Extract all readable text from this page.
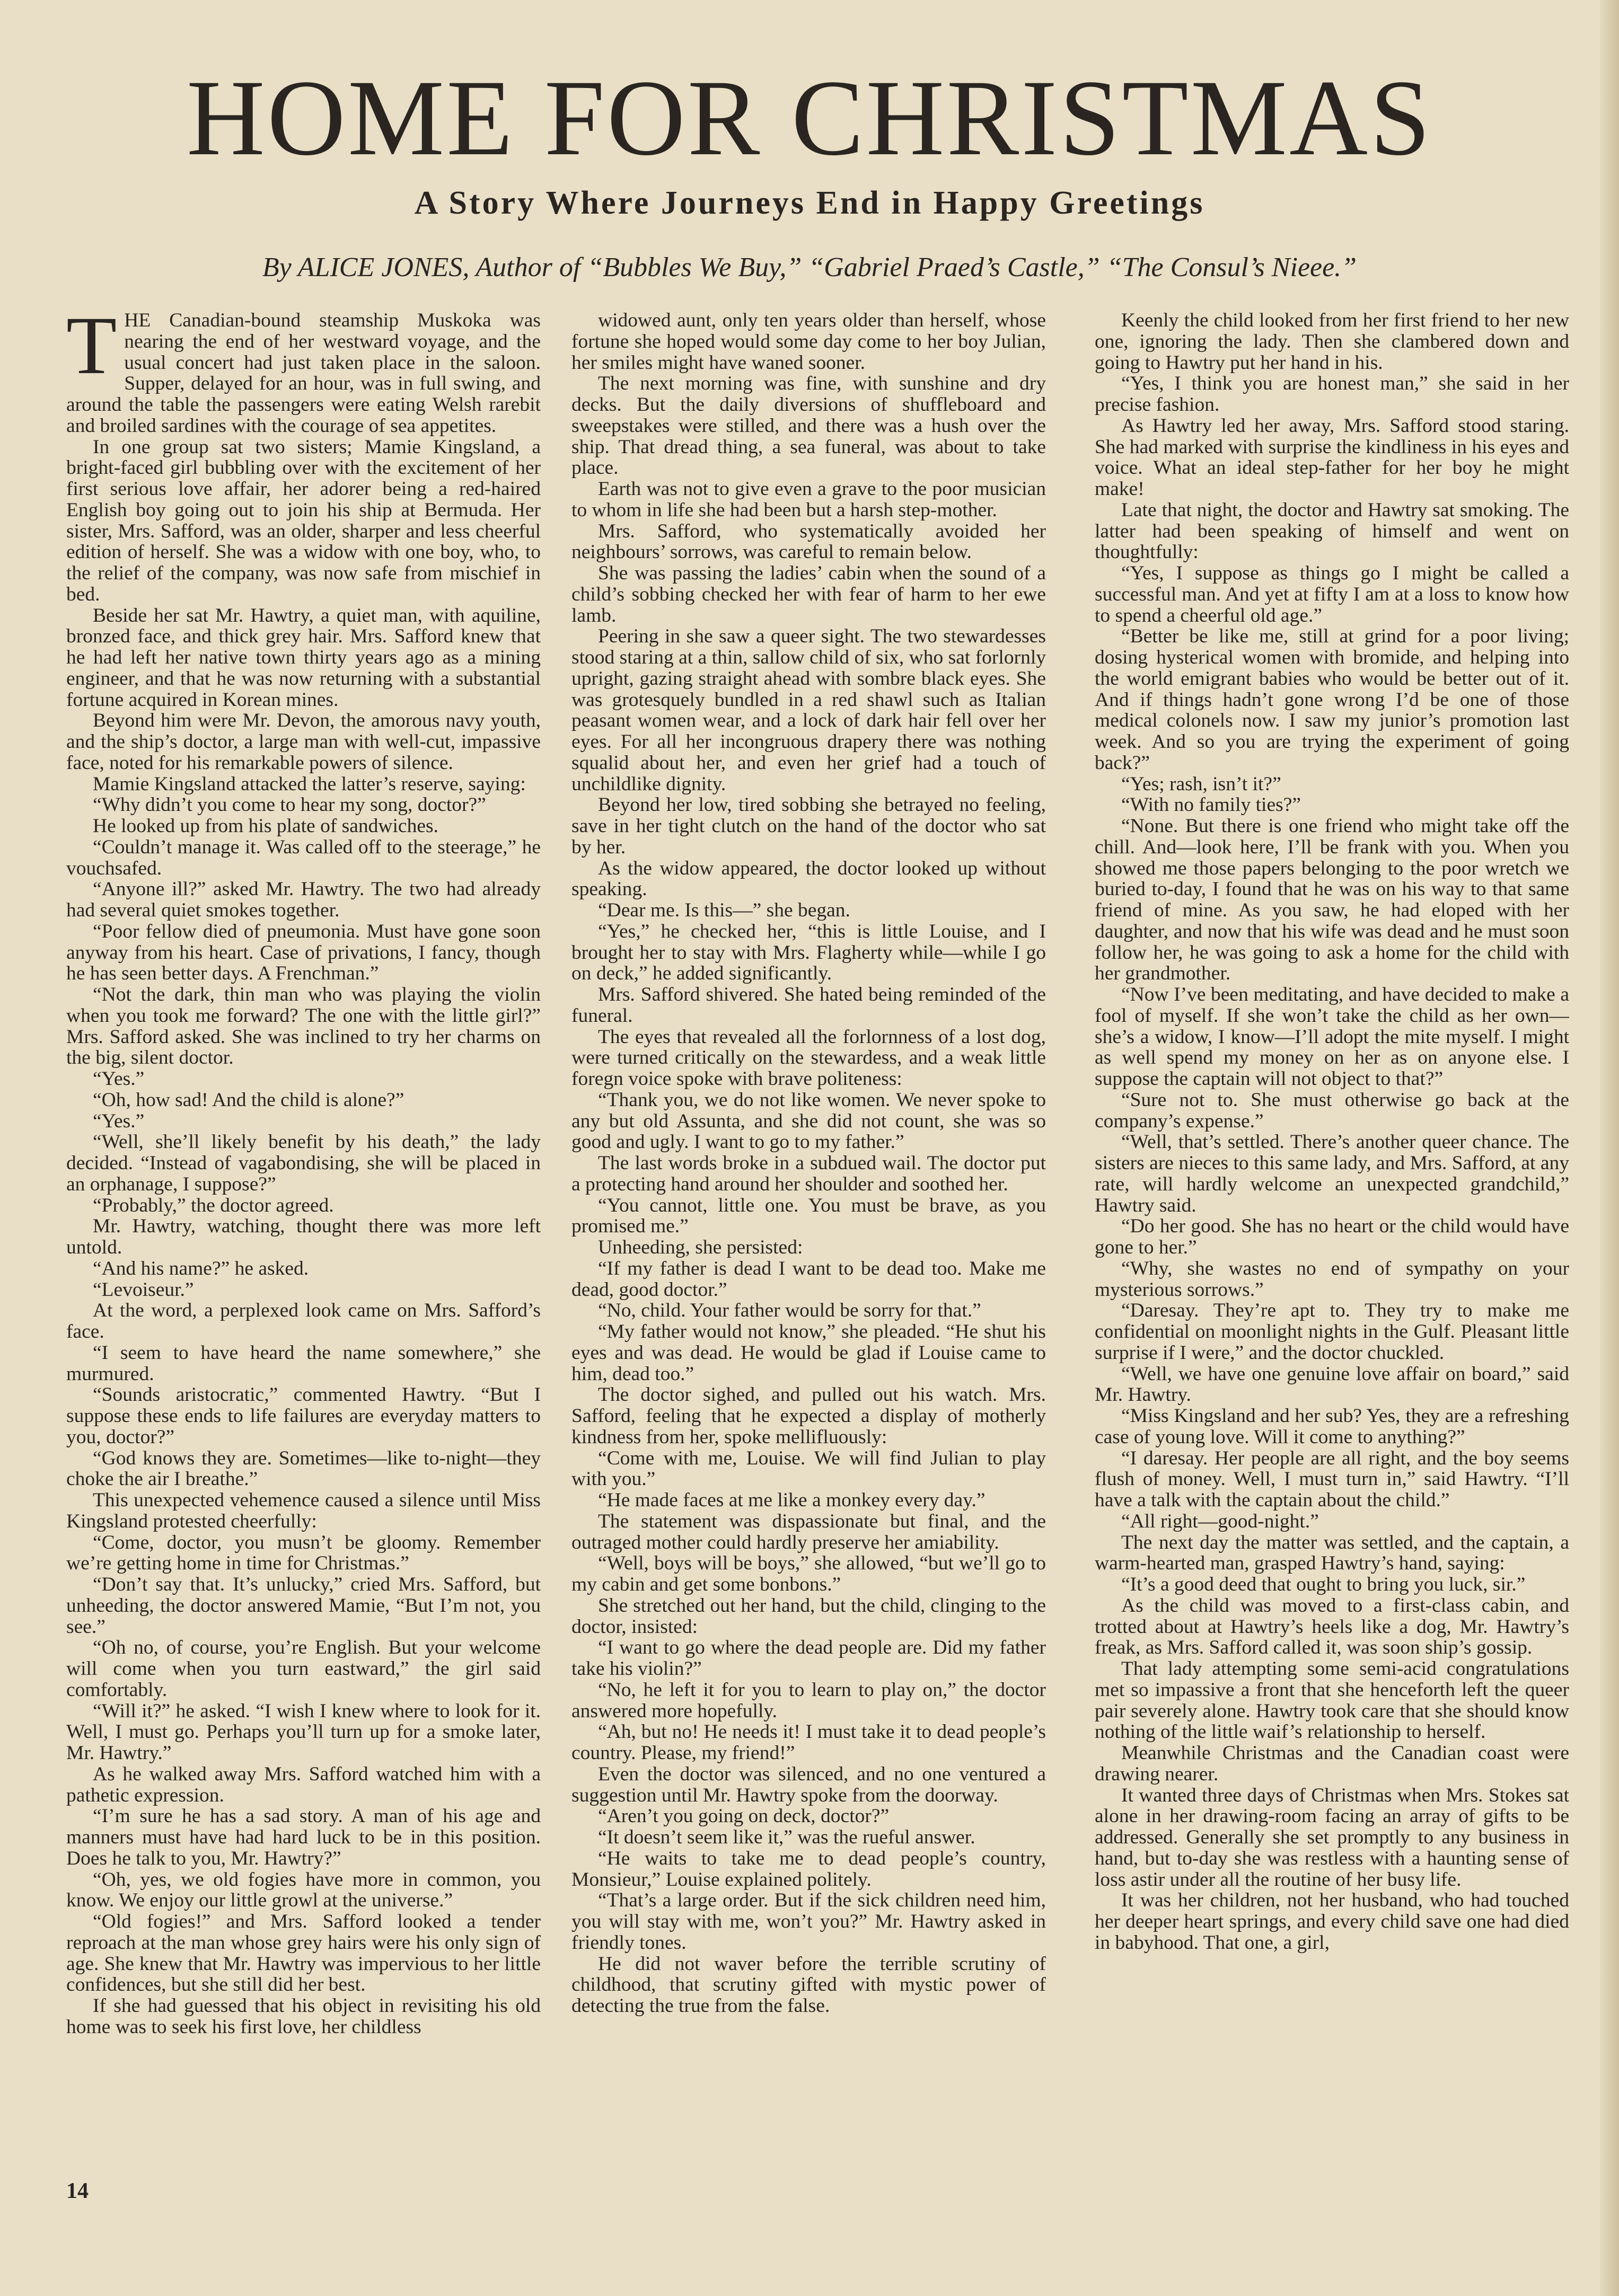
HOME FOR CHRISTMAS
A Story Where Journeys End in Happy Greetings

By ALICE JONES, Author of “Bubbles We Buy,” “Gabriel Praed’s Castle,” “The Consul’s Nieee.”

THE Canadian-bound steamship Muskoka was nearing the end of her westward voyage, and the usual concert had just taken place in the saloon. Supper, delayed for an hour, was in full swing, and around the table the passengers were eating Welsh rarebit and broiled sardines with the courage of sea appetites.

In one group sat two sisters; Mamie Kingsland, a bright-faced girl bubbling over with the excitement of her first serious love affair, her adorer being a red-haired English boy going out to join his ship at Bermuda. Her sister, Mrs. Safford, was an older, sharper and less cheerful edition of herself. She was a widow with one boy, who, to the relief of the company, was now safe from mischief in bed.

Beside her sat Mr. Hawtry, a quiet man, with aquiline, bronzed face, and thick grey hair. Mrs. Safford knew that he had left her native town thirty years ago as a mining engineer, and that he was now returning with a substantial fortune acquired in Korean mines.

Beyond him were Mr. Devon, the amorous navy youth, and the ship’s doctor, a large man with well-cut, impassive face, noted for his remarkable powers of silence.

Mamie Kingsland attacked the latter’s reserve, saying:

“Why didn’t you come to hear my song, doctor?”

He looked up from his plate of sandwiches.

“Couldn’t manage it. Was called off to the steerage,” he vouchsafed.

“Anyone ill?” asked Mr. Hawtry. The two had already had several quiet smokes together.

“Poor fellow died of pneumonia. Must have gone soon anyway from his heart. Case of privations, I fancy, though he has seen better days. A Frenchman.”

“Not the dark, thin man who was playing the violin when you took me forward? The one with the little girl?” Mrs. Safford asked. She was inclined to try her charms on the big, silent doctor.

“Yes.”

“Oh, how sad! And the child is alone?”

“Yes.”

“Well, she’ll likely benefit by his death,” the lady decided. “Instead of vagabondising, she will be placed in an orphanage, I suppose?”

“Probably,” the doctor agreed.

Mr. Hawtry, watching, thought there was more left untold.

“And his name?” he asked.

“Levoiseur.”

At the word, a perplexed look came on Mrs. Safford’s face.

“I seem to have heard the name somewhere,” she murmured.

“Sounds aristocratic,” commented Hawtry. “But I suppose these ends to life failures are everyday matters to you, doctor?”

“God knows they are. Sometimes—like to-night—they choke the air I breathe.”

This unexpected vehemence caused a silence until Miss Kingsland protested cheerfully:

“Come, doctor, you musn’t be gloomy. Remember we’re getting home in time for Christmas.”

“Don’t say that. It’s unlucky,” cried Mrs. Safford, but unheeding, the doctor answered Mamie, “But I’m not, you see.”

“Oh no, of course, you’re English. But your welcome will come when you turn eastward,” the girl said comfortably.

“Will it?” he asked. “I wish I knew where to look for it. Well, I must go. Perhaps you’ll turn up for a smoke later, Mr. Hawtry.”

As he walked away Mrs. Safford watched him with a pathetic expression.

“I’m sure he has a sad story. A man of his age and manners must have had hard luck to be in this position. Does he talk to you, Mr. Hawtry?”

“Oh, yes, we old fogies have more in common, you know. We enjoy our little growl at the universe.”

“Old fogies!” and Mrs. Safford looked a tender reproach at the man whose grey hairs were his only sign of age. She knew that Mr. Hawtry was impervious to her little confidences, but she still did her best.

If she had guessed that his object in revisiting his old home was to seek his first love, her childless

widowed aunt, only ten years older than herself, whose fortune she hoped would some day come to her boy Julian, her smiles might have waned sooner.

The next morning was fine, with sunshine and dry decks. But the daily diversions of shuffleboard and sweepstakes were stilled, and there was a hush over the ship. That dread thing, a sea funeral, was about to take place.

Earth was not to give even a grave to the poor musician to whom in life she had been but a harsh step-mother.

Mrs. Safford, who systematically avoided her neighbours’ sorrows, was careful to remain below.

She was passing the ladies’ cabin when the sound of a child’s sobbing checked her with fear of harm to her ewe lamb.

Peering in she saw a queer sight. The two stewardesses stood staring at a thin, sallow child of six, who sat forlornly upright, gazing straight ahead with sombre black eyes. She was grotesquely bundled in a red shawl such as Italian peasant women wear, and a lock of dark hair fell over her eyes. For all her incongruous drapery there was nothing squalid about her, and even her grief had a touch of unchildlike dignity.

Beyond her low, tired sobbing she betrayed no feeling, save in her tight clutch on the hand of the doctor who sat by her.

As the widow appeared, the doctor looked up without speaking.

“Dear me. Is this—” she began.

“Yes,” he checked her, “this is little Louise, and I brought her to stay with Mrs. Flagherty while—while I go on deck,” he added significantly.

Mrs. Safford shivered. She hated being reminded of the funeral.

The eyes that revealed all the forlornness of a lost dog, were turned critically on the stewardess, and a weak little foregn voice spoke with brave politeness:

“Thank you, we do not like women. We never spoke to any but old Assunta, and she did not count, she was so good and ugly. I want to go to my father.”

The last words broke in a subdued wail. The doctor put a protecting hand around her shoulder and soothed her.

“You cannot, little one. You must be brave, as you promised me.”

Unheeding, she persisted:

“If my father is dead I want to be dead too. Make me dead, good doctor.”

“No, child. Your father would be sorry for that.”

“My father would not know,” she pleaded. “He shut his eyes and was dead. He would be glad if Louise came to him, dead too.”

The doctor sighed, and pulled out his watch. Mrs. Safford, feeling that he expected a display of motherly kindness from her, spoke mellifluously:

“Come with me, Louise. We will find Julian to play with you.”

“He made faces at me like a monkey every day.”

The statement was dispassionate but final, and the outraged mother could hardly preserve her amiability.

“Well, boys will be boys,” she allowed, “but we’ll go to my cabin and get some bonbons.”

She stretched out her hand, but the child, clinging to the doctor, insisted:

“I want to go where the dead people are. Did my father take his violin?”

“No, he left it for you to learn to play on,” the doctor answered more hopefully.

“Ah, but no! He needs it! I must take it to dead people’s country. Please, my friend!”

Even the doctor was silenced, and no one ventured a suggestion until Mr. Hawtry spoke from the doorway.

“Aren’t you going on deck, doctor?”

“It doesn’t seem like it,” was the rueful answer.

“He waits to take me to dead people’s country, Monsieur,” Louise explained politely.

“That’s a large order. But if the sick children need him, you will stay with me, won’t you?” Mr. Hawtry asked in friendly tones.

He did not waver before the terrible scrutiny of childhood, that scrutiny gifted with mystic power of detecting the true from the false.

Keenly the child looked from her first friend to her new one, ignoring the lady. Then she clambered down and going to Hawtry put her hand in his.

“Yes, I think you are honest man,” she said in her precise fashion.

As Hawtry led her away, Mrs. Safford stood staring. She had marked with surprise the kindliness in his eyes and voice. What an ideal step-father for her boy he might make!

Late that night, the doctor and Hawtry sat smoking. The latter had been speaking of himself and went on thoughtfully:

“Yes, I suppose as things go I might be called a successful man. And yet at fifty I am at a loss to know how to spend a cheerful old age.”

“Better be like me, still at grind for a poor living; dosing hysterical women with bromide, and helping into the world emigrant babies who would be better out of it. And if things hadn’t gone wrong I’d be one of those medical colonels now. I saw my junior’s promotion last week. And so you are trying the experiment of going back?”

“Yes; rash, isn’t it?”

“With no family ties?”

“None. But there is one friend who might take off the chill. And—look here, I’ll be frank with you. When you showed me those papers belonging to the poor wretch we buried to-day, I found that he was on his way to that same friend of mine. As you saw, he had eloped with her daughter, and now that his wife was dead and he must soon follow her, he was going to ask a home for the child with her grandmother.

“Now I’ve been meditating, and have decided to make a fool of myself. If she won’t take the child as her own—she’s a widow, I know—I’ll adopt the mite myself. I might as well spend my money on her as on anyone else. I suppose the captain will not object to that?”

“Sure not to. She must otherwise go back at the company’s expense.”

“Well, that’s settled. There’s another queer chance. The sisters are nieces to this same lady, and Mrs. Safford, at any rate, will hardly welcome an unexpected grandchild,” Hawtry said.

“Do her good. She has no heart or the child would have gone to her.”

“Why, she wastes no end of sympathy on your mysterious sorrows.”

“Daresay. They’re apt to. They try to make me confidential on moonlight nights in the Gulf. Pleasant little surprise if I were,” and the doctor chuckled.

“Well, we have one genuine love affair on board,” said Mr. Hawtry.

“Miss Kingsland and her sub? Yes, they are a refreshing case of young love. Will it come to anything?”

“I daresay. Her people are all right, and the boy seems flush of money. Well, I must turn in,” said Hawtry. “I’ll have a talk with the captain about the child.”

“All right—good-night.”

The next day the matter was settled, and the captain, a warm-hearted man, grasped Hawtry’s hand, saying:

“It’s a good deed that ought to bring you luck, sir.”

As the child was moved to a first-class cabin, and trotted about at Hawtry’s heels like a dog, Mr. Hawtry’s freak, as Mrs. Safford called it, was soon ship’s gossip.

That lady attempting some semi-acid congratulations met so impassive a front that she henceforth left the queer pair severely alone. Hawtry took care that she should know nothing of the little waif’s relationship to herself.

Meanwhile Christmas and the Canadian coast were drawing nearer.

It wanted three days of Christmas when Mrs. Stokes sat alone in her drawing-room facing an array of gifts to be addressed. Generally she set promptly to any business in hand, but to-day she was restless with a haunting sense of loss astir under all the routine of her busy life.

It was her children, not her husband, who had touched her deeper heart springs, and every child save one had died in babyhood. That one, a girl,

14
